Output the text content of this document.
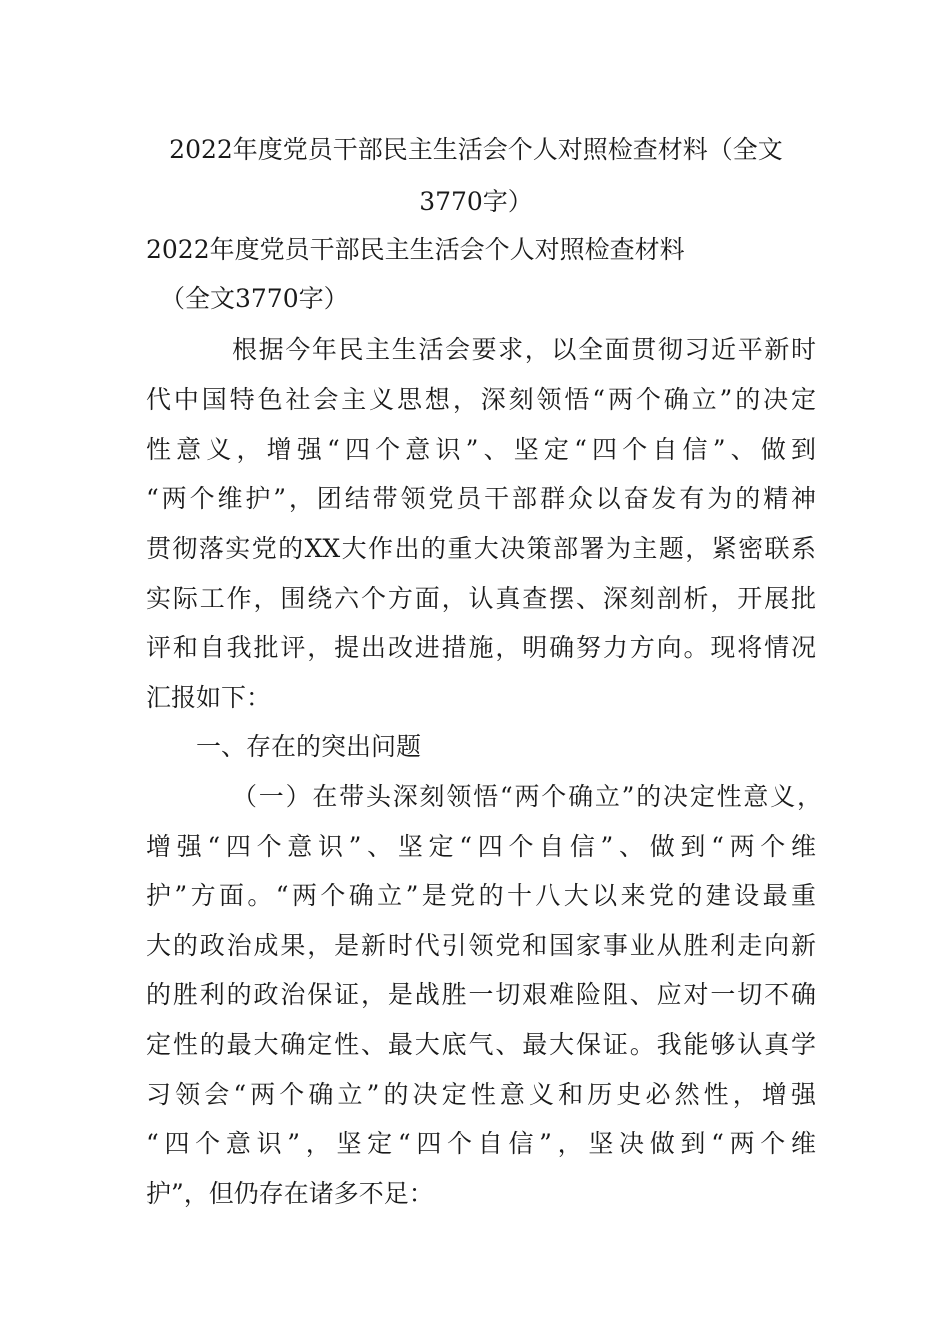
2022年度党员干部民主生活会个人对照检查材料（全文
3770字）
2022年度党员干部民主生活会个人对照检查材料
（全文3770字）
根据今年民主生活会要求，以全面贯彻习近平新时
代中国特色社会主义思想，深刻领悟“两个确立”的决定
性意义，增强“四个意识”、坚定“四个自信”、做到
“两个维护”，团结带领党员干部群众以奋发有为的精神
贯彻落实党的XX大作出的重大决策部署为主题，紧密联系
实际工作，围绕六个方面，认真查摆、深刻剖析，开展批
评和自我批评，提出改进措施，明确努力方向。现将情况
汇报如下：
一、存在的突出问题
（一）在带头深刻领悟“两个确立”的决定性意义，
增强“四个意识”、坚定“四个自信”、做到“两个维
护”方面。“两个确立”是党的十八大以来党的建设最重
大的政治成果，是新时代引领党和国家事业从胜利走向新
的胜利的政治保证，是战胜一切艰难险阻、应对一切不确
定性的最大确定性、最大底气、最大保证。我能够认真学
习领会“两个确立”的决定性意义和历史必然性，增强
“四个意识”，坚定“四个自信”，坚决做到“两个维
护”，但仍存在诸多不足：
